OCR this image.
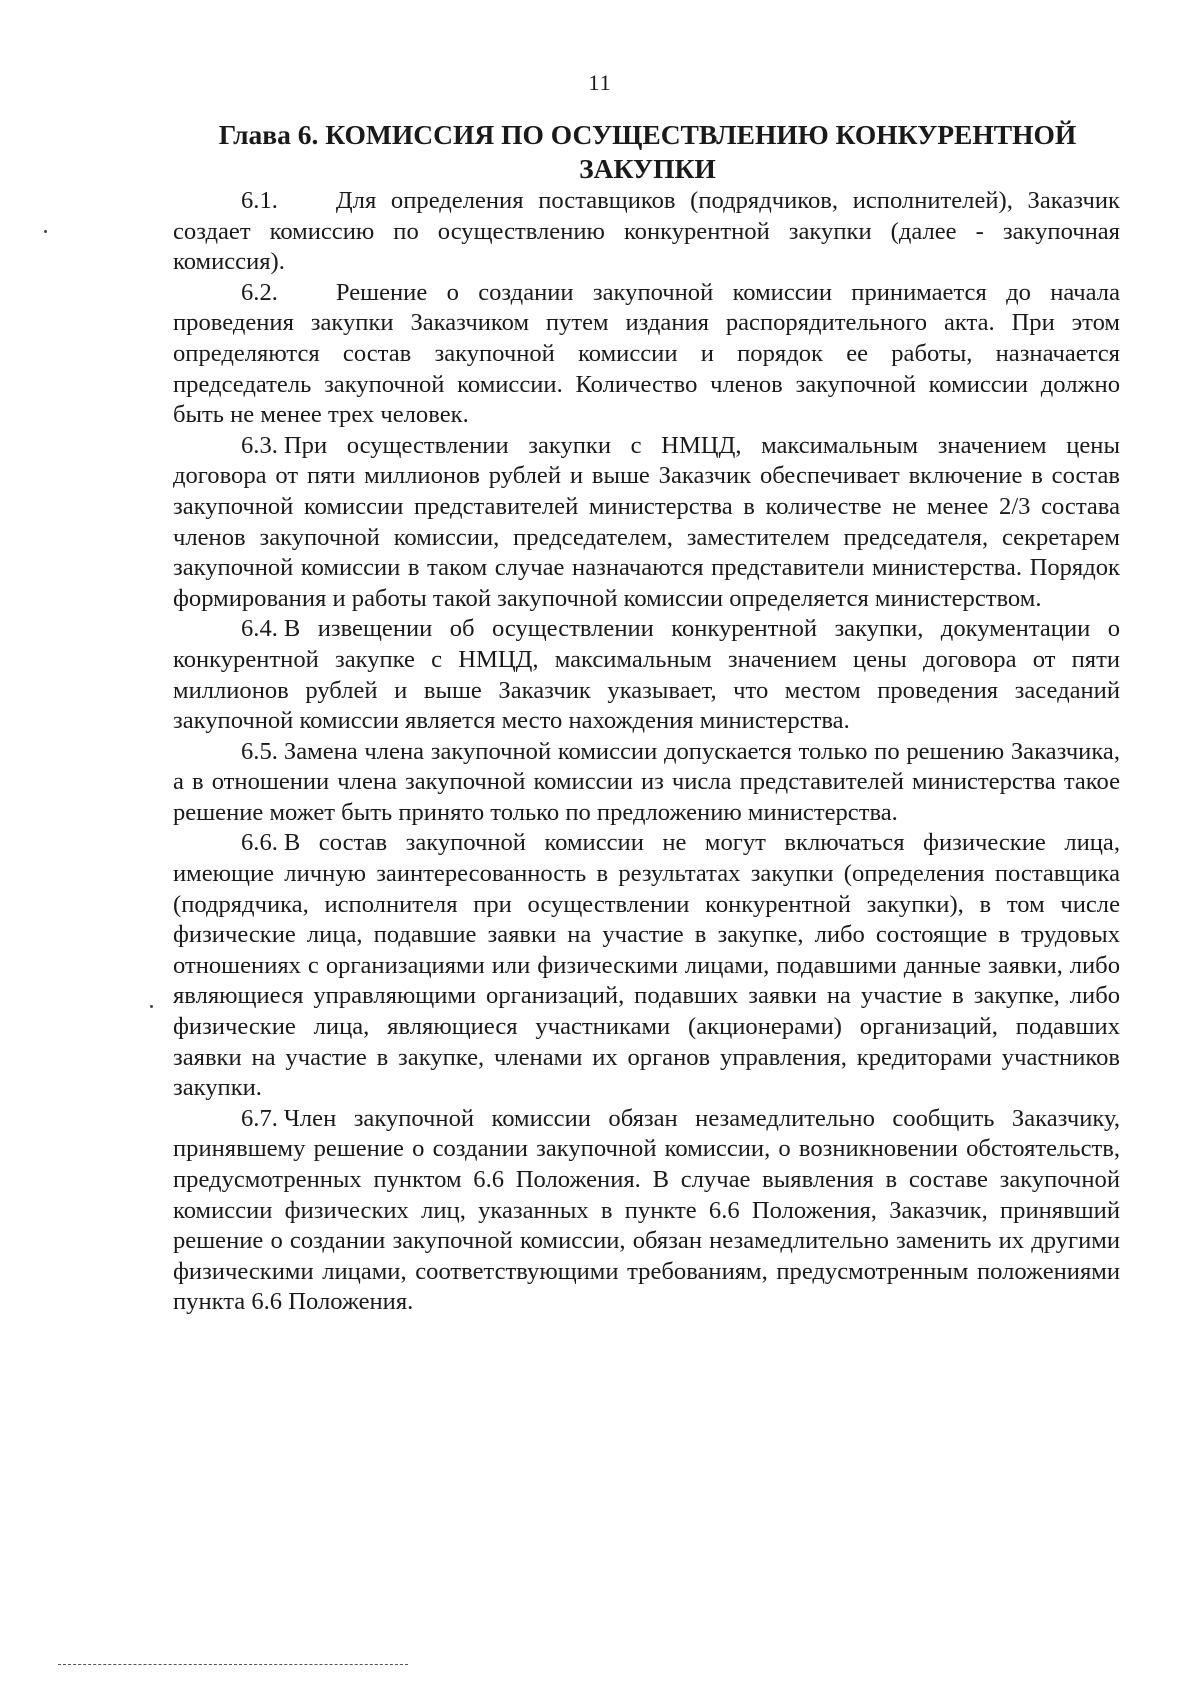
11
Глава 6. КОМИССИЯ ПО ОСУЩЕСТВЛЕНИЮ КОНКУРЕНТНОЙ ЗАКУПКИ

6.1. Для определения поставщиков (подрядчиков, исполнителей), Заказчик создает комиссию по осуществлению конкурентной закупки (далее - закупочная комиссия).

6.2. Решение о создании закупочной комиссии принимается до начала проведения закупки Заказчиком путем издания распорядительного акта. При этом определяются состав закупочной комиссии и порядок ее работы, назначается председатель закупочной комиссии. Количество членов закупочной комиссии должно быть не менее трех человек.

6.3. При осуществлении закупки с НМЦД, максимальным значением цены договора от пяти миллионов рублей и выше Заказчик обеспечивает включение в состав закупочной комиссии представителей министерства в количестве не менее 2/3 состава членов закупочной комиссии, председателем, заместителем председателя, секретарем закупочной комиссии в таком случае назначаются представители министерства. Порядок формирования и работы такой закупочной комиссии определяется министерством.

6.4. В извещении об осуществлении конкурентной закупки, документации о конкурентной закупке с НМЦД, максимальным значением цены договора от пяти миллионов рублей и выше Заказчик указывает, что местом проведения заседаний закупочной комиссии является место нахождения министерства.

6.5. Замена члена закупочной комиссии допускается только по решению Заказчика, а в отношении члена закупочной комиссии из числа представителей министерства такое решение может быть принято только по предложению министерства.

6.6. В состав закупочной комиссии не могут включаться физические лица, имеющие личную заинтересованность в результатах закупки (определения поставщика (подрядчика, исполнителя при осуществлении конкурентной закупки), в том числе физические лица, подавшие заявки на участие в закупке, либо состоящие в трудовых отношениях с организациями или физическими лицами, подавшими данные заявки, либо являющиеся управляющими организаций, подавших заявки на участие в закупке, либо физические лица, являющиеся участниками (акционерами) организаций, подавших заявки на участие в закупке, членами их органов управления, кредиторами участников закупки.

6.7. Член закупочной комиссии обязан незамедлительно сообщить Заказчику, принявшему решение о создании закупочной комиссии, о возникновении обстоятельств, предусмотренных пунктом 6.6 Положения. В случае выявления в составе закупочной комиссии физических лиц, указанных в пункте 6.6 Положения, Заказчик, принявший решение о создании закупочной комиссии, обязан незамедлительно заменить их другими физическими лицами, соответствующими требованиям, предусмотренным положениями пункта 6.6 Положения.
